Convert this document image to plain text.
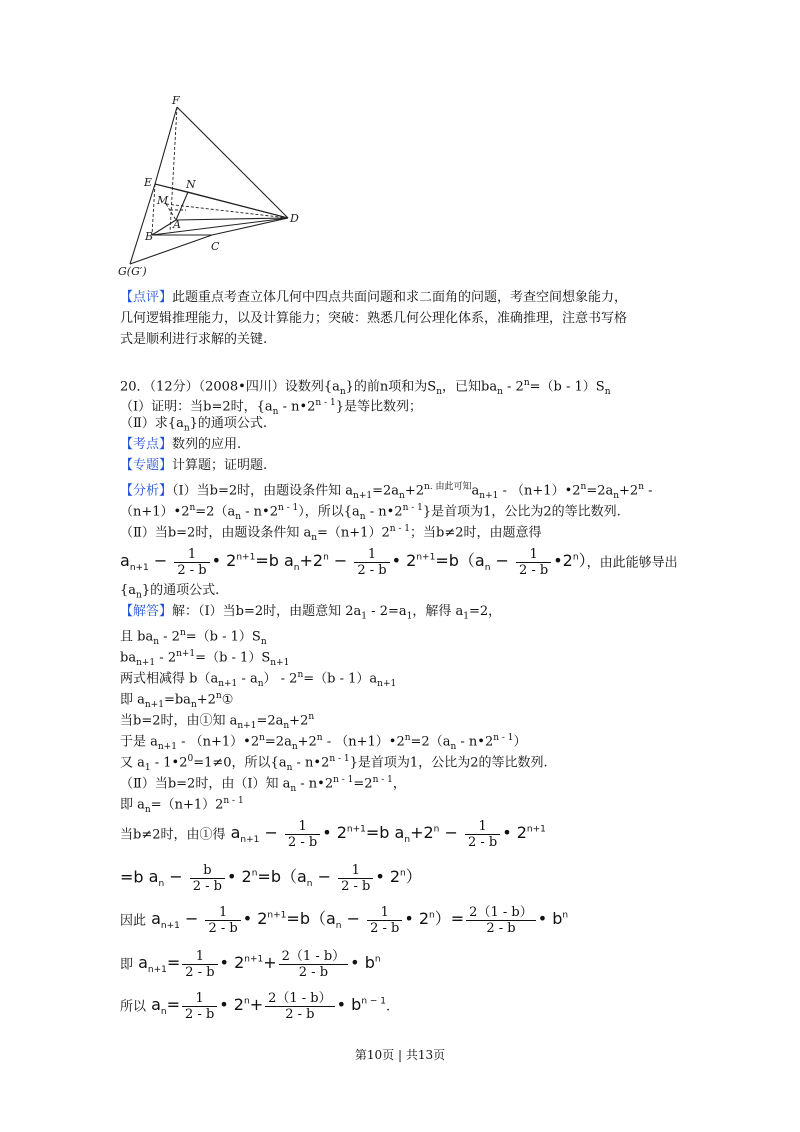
F
E	N
M
A	D
B
C
G(G′)
【点评】此题重点考查立体几何中四点共面问题和求二面角的问题，考查空间想象能力，
几何逻辑推理能力，以及计算能力；突破：熟悉几何公理化体系，准确推理，注意书写格
式是顺利进行求解的关键.
20．（12分）（2008•四川）设数列$\{a_n\}$的前n项和为$S_n$，已知$ba_n - 2^n=(b - 1)S_n$
（Ⅰ）证明：当b=2时，{$a_n$ - n•2$^{n - 1}$}是等比数列；
（Ⅱ）求$\{a_n\}$的通项公式.
【考点】数列的应用.
【专题】计算题；证明题.
【分析】（Ⅰ）当b=2时，由题设条件知 $a_{n+1}=2a_n+2^{n. 由此可知}a_{n+1}$ - $(n+1)•2^n=2a_n+2^n$ -
$(n+1)•2^n=2(a_n$ - n•2$^{n - 1}$），所以{$a_n$ - n•2$^{n - 1}$}是首项为1，公比为2的等比数列.
（Ⅱ）当b=2时，由题设条件知 $a_n=(n+1)2^{n - 1}$；当b≠2时，由题意得
$a_{n+1} - \frac{1}{2 - b}$ • $2^{n+1}=b$ $a_n+2^n - \frac{1}{2 - b}$ • $2^{n+1}=b(a_n - \frac{1}{2 - b}$ •2$^n$），由此能够导出
$\{a_n\}$的通项公式.
【解答】解：（Ⅰ）当b=2时，由题意知 $2a_1 - 2=a_1$，解得 $a_1=2$，
且 $ba_n - 2^n=(b - 1)S_n$
$ba_{n+1} - 2^{n+1}=(b - 1)S_{n+1}$
两式相减得 $b(a_{n+1} - a_n) - 2^n=(b - 1)a_{n+1}$
即 $a_{n+1}=ba_n+2^n①$
当b=2时，由①知 $a_{n+1}=2a_n+2^n$
于是 $a_{n+1}$ - $(n+1)•2^n=2a_n+2^n$ - $(n+1)•2^n=2(a_n$ - n•2$^{n - 1}$）
又 $a_1$ - $1•2^0=1\ne 0$，所以{$a_n$ - n•2$^{n - 1}$}是首项为1，公比为2的等比数列.
（Ⅱ）当b=2时，由（Ⅰ）知 $a_n$ - $n•2^{n - 1}=2^{n - 1}$，
即 $a_n=(n+1)2^{n - 1}$
当b≠2时，由①得 $a_{n+1} - \frac{1}{2 - b}$ • $2^{n+1}=b$ $a_n+2^n - \frac{1}{2 - b}$ • $2^{n+1}$
=b $a_n - \frac{b}{2 - b}$ • $2^n=b(a_n - \frac{1}{2 - b}$ • 2$^n$）
因此 $a_{n+1} - \frac{1}{2 - b}$ • $2^{n+1}=b(a_n - \frac{1}{2 - b}$ • $2^n)= \frac{2(1 - b)}{2 - b}$ • $b^n$
即 $a_{n+1}= \frac{1}{2 - b}$ • $2^{n+1}+ \frac{2(1 - b)}{2 - b}$ • $b^n$
所以 $a_n= \frac{1}{2 - b}$ • $2^n+ \frac{2(1 - b)}{2 - b}$ • $b^{n - 1}$.
第10页 | 共13页
